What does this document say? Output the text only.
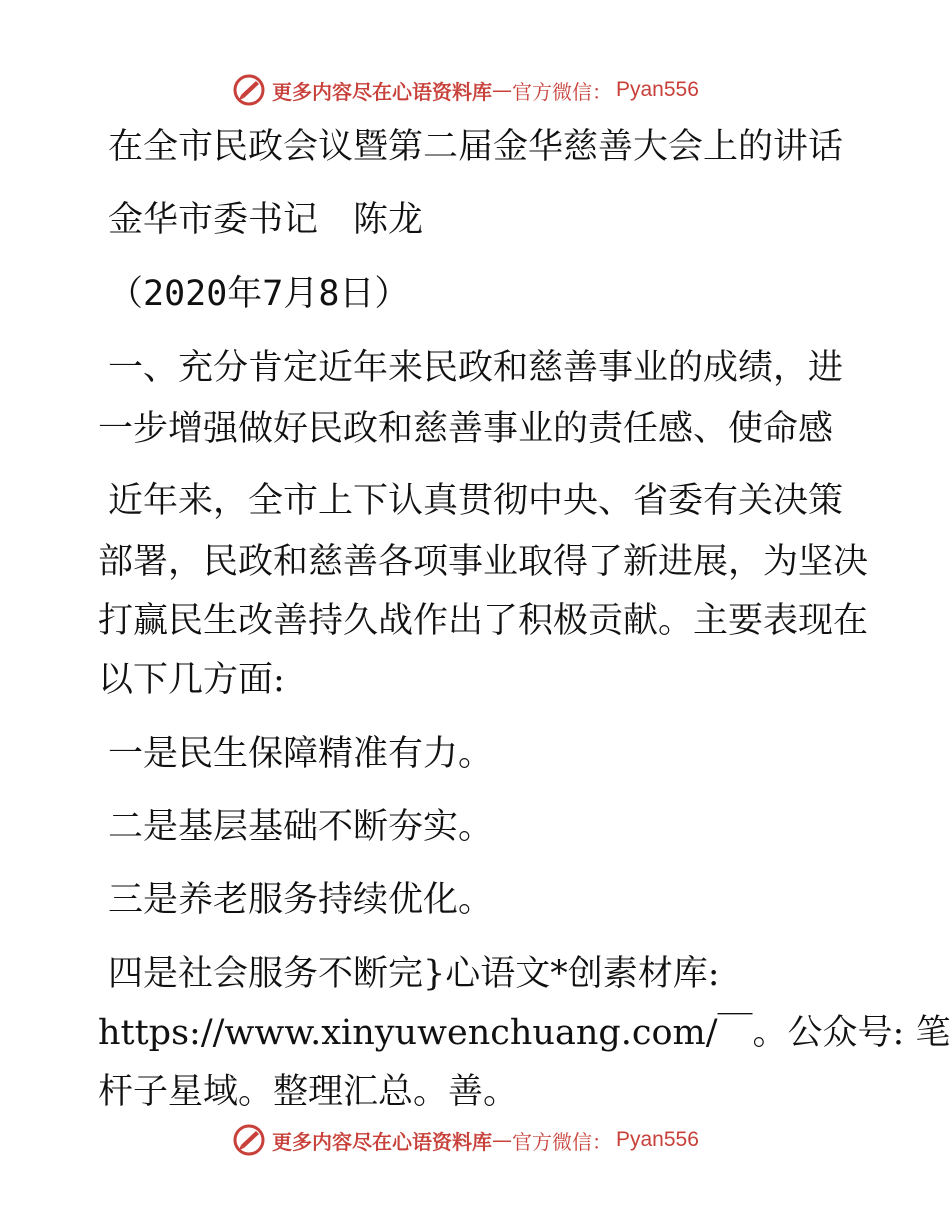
更多内容尽在心语资料库 — 官方微信： Pyan556
在全市民政会议暨第二届金华慈善大会上的讲话
金华市委书记　陈龙
（2020年7月8日）
一、充分肯定近年来民政和慈善事业的成绩，进
一步增强做好民政和慈善事业的责任感、使命感
近年来，全市上下认真贯彻中央、省委有关决策
部署，民政和慈善各项事业取得了新进展，为坚决
打赢民生改善持久战作出了积极贡献。主要表现在
以下几方面:
一是民生保障精准有力。
二是基层基础不断夯实。
三是养老服务持续优化。
四是社会服务不断完}心语文*创素材库:
https://www.xinyuwenchuang.com/￣。公众号: 笔
杆子星域。整理汇总。善。
更多内容尽在心语资料库 — 官方微信： Pyan556
